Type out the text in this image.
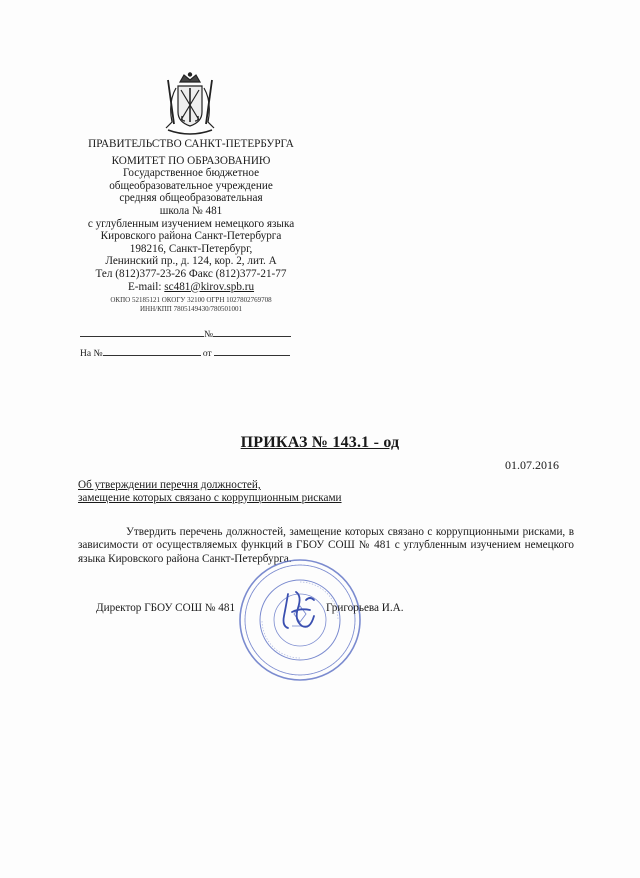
ПРАВИТЕЛЬСТВО САНКТ-ПЕТЕРБУРГА
КОМИТЕТ ПО ОБРАЗОВАНИЮ
Государственное бюджетное
общеобразовательное учреждение
средняя общеобразовательная
школа № 481
с углубленным изучением немецкого языка
Кировского района Санкт-Петербурга
198216, Санкт-Петербург,
Ленинский пр., д. 124, кор. 2, лит. А
Тел (812)377-23-26 Факс (812)377-21-77
E-mail: sc481@kirov.spb.ru
ОКПО 52185121 ОКОГУ 32100 ОГРН 1027802769708
ИНН/КПП 7805149430/780501001
№
На №	от
ПРИКАЗ № 143.1 - од
01.07.2016
Об утверждении перечня должностей,
замещение которых связано с коррупционным рисками
Утвердить перечень должностей, замещение которых связано с коррупционными рисками, в зависимости от осуществляемых функций в ГБОУ СОШ № 481 с углубленным изучением немецкого языка Кировского района Санкт-Петербурга.
Директор ГБОУ СОШ № 481	Григорьева И.А.
